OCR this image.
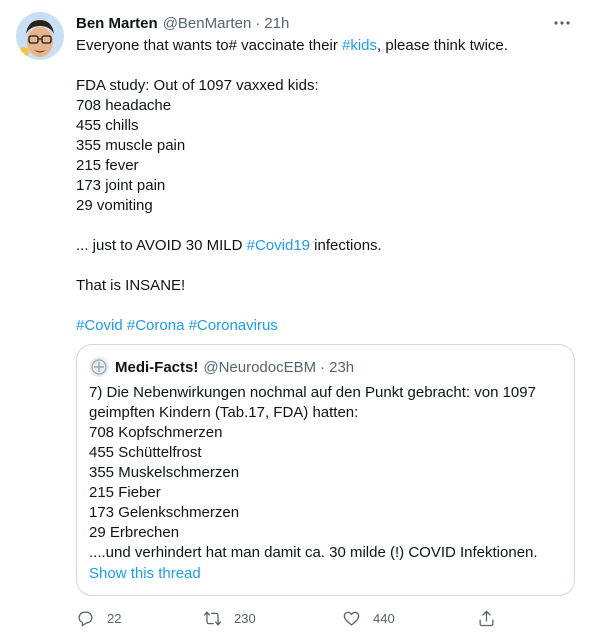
Ben Marten @BenMarten · 21h

Everyone that wants to# vaccinate their #kids, please think twice.

FDA study: Out of 1097 vaxxed kids:

708 headache

455 chills

355 muscle pain

215 fever

173 joint pain

29 vomiting

... just to AVOID 30 MILD #Covid19 infections.

That is INSANE!

#Covid #Corona #Coronavirus

Medi-Facts! @NeurodocEBM · 23h

7) Die Nebenwirkungen nochmal auf den Punkt gebracht: von 1097

geimpften Kindern (Tab.17, FDA) hatten:

708 Kopfschmerzen

455 Schüttelfrost

355 Muskelschmerzen

215 Fieber

173 Gelenkschmerzen

29 Erbrechen

....und verhindert hat man damit ca. 30 milde (!) COVID Infektionen.

Show this thread
22	230	440
